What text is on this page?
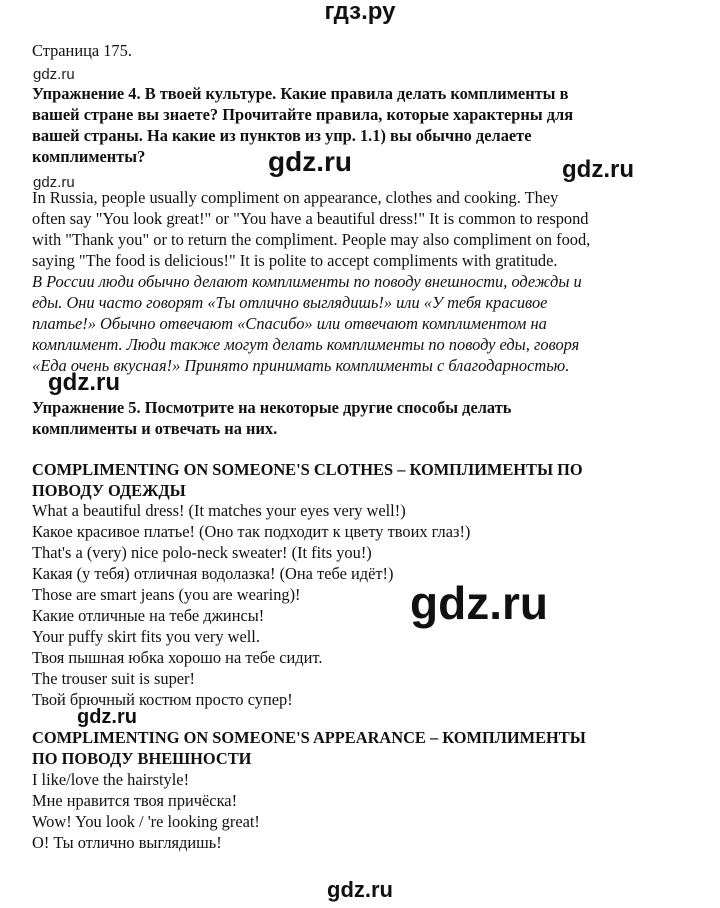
гдз.ру
Страница 175.
gdz.ru
gdz.ru
Упражнение 4. В твоей культуре. Какие правила делать комплименты в
вашей стране вы знаете? Прочитайте правила, которые характерны для
вашей страны. На какие из пунктов из упр. 1.1) вы обычно делаете
комплименты?	gdz.ru	gdz.ru
In Russia, people usually compliment on appearance, clothes and cooking. They
often say "You look great!" or "You have a beautiful dress!" It is common to respond
with "Thank you" or to return the compliment. People may also compliment on food,
saying "The food is delicious!" It is polite to accept compliments with gratitude.
В России люди обычно делают комплименты по поводу внешности, одежды и
еды. Они часто говорят «Ты отлично выглядишь!» или «У тебя красивое
платье!» Обычно отвечают «Спасибо» или отвечают комплиментом на
комплимент. Люди также могут делать комплименты по поводу еды, говоря
«Еда очень вкусная!» Принято принимать комплименты с благодарностью.
gdz.ru
Упражнение 5. Посмотрите на некоторые другие способы делать
комплименты и отвечать на них.
COMPLIMENTING ON SOMEONE'S CLOTHES – КОМПЛИМЕНТЫ ПО
ПОВОДУ ОДЕЖДЫ
What a beautiful dress! (It matches your eyes very well!)
Какое красивое платье! (Оно так подходит к цвету твоих глаз!)
That's a (very) nice polo-neck sweater! (It fits you!)
Какая (у тебя) отличная водолазка! (Она тебе идёт!)
Those are smart jeans (you are wearing)!
Какие отличные на тебе джинсы!
Your puffy skirt fits you very well.
Твоя пышная юбка хорошо на тебе сидит.
The trouser suit is super!
Твой брючный костюм просто супер!
gdz.ru
gdz.ru
COMPLIMENTING ON SOMEONE'S APPEARANCE – КОМПЛИМЕНТЫ
ПО ПОВОДУ ВНЕШНОСТИ
I like/love the hairstyle!
Мне нравится твоя причёска!
Wow! You look / 're looking great!
О! Ты отлично выглядишь!
gdz.ru
